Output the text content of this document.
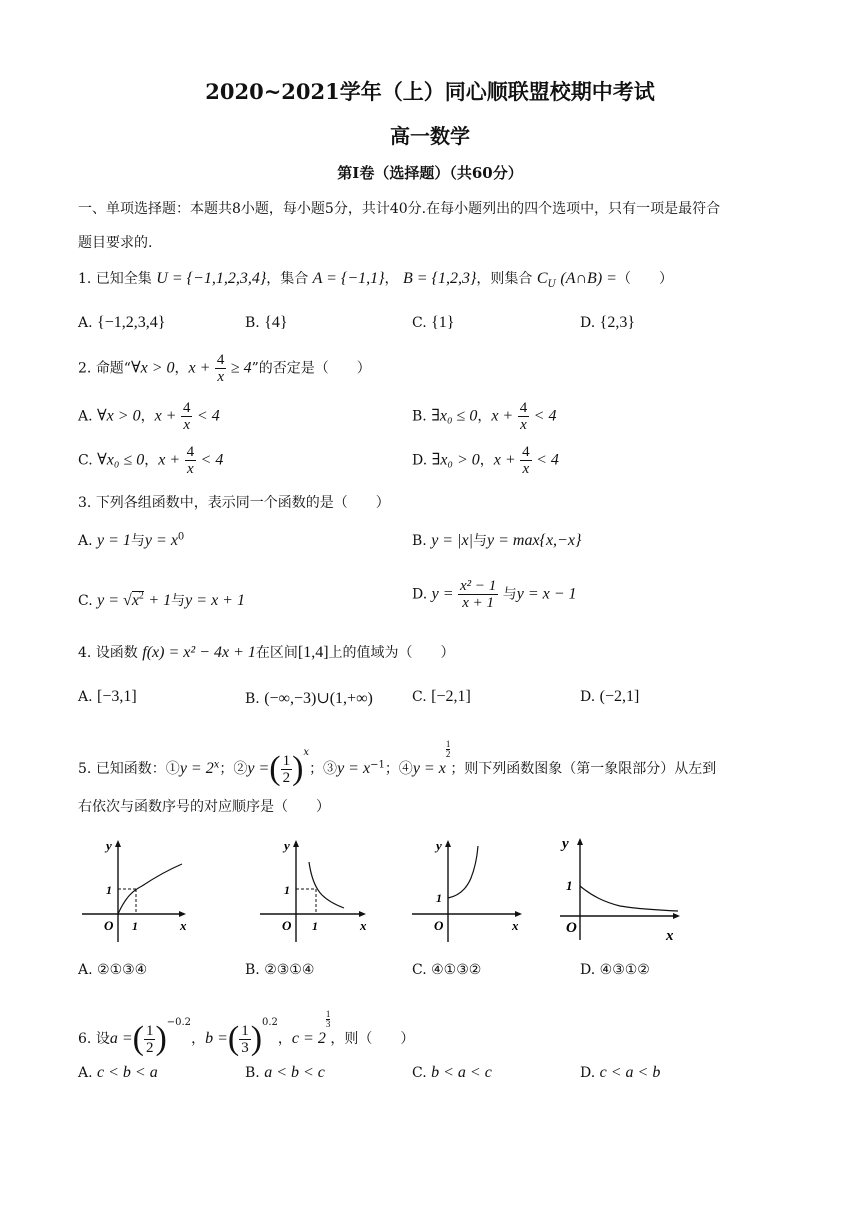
2020~2021学年（上）同心顺联盟校期中考试
高一数学
第Ⅰ卷（选择题）（共60分）
一、单项选择题：本题共8小题，每小题5分，共计40分.在每小题列出的四个选项中，只有一项是最符合
题目要求的.
1. 已知全集 U = {−1,1,2,3,4}，集合 A = {−1,1}， B = {1,2,3}，则集合 $C_U$ (A∩B) =（　　）
A. {−1,2,3,4}	B. {4}	C. {1}	D. {2,3}
2. 命题“∀x > 0，$x + \frac{4}{x} \ge 4$”的否定是（　　）
A. ∀x > 0，$x + \frac{4}{x} < 4$	B. ∃x₀ ≤ 0，$x + \frac{4}{x} < 4$
C. ∀x₀ ≤ 0，$x + \frac{4}{x} < 4$	D. ∃x₀ > 0，$x + \frac{4}{x} < 4$
3. 下列各组函数中，表示同一个函数的是（　　）
A. y = 1与$y = x^0$	B. y = |x|与y = max{x,−x}
C. $y = √x^2 + 1$与y = x + 1	D. $y = \frac{\text{x² − 1}}{x + 1}$ 与y = x − 1
4. 设函数 f(x) = x² − 4x + 1在区间[1,4]上的值域为（　　）
A. [−3,1]	B. (−∞,−3)∪(1,+∞)	C. [−2,1]	D. (−2,1]
5. 已知函数：①y = $2^x$；②y =( $\frac{1}{2} )^x$；③y = $x^{-1}$；④y = x
$\frac{1}{2}$
；则下列函数图象（第一象限部分）从左到
右依次与函数序号的对应顺序是（　　）
y
1
1
O	x
y
1
1
O	x
y
1
O	x
y
1
O	x
A. ②①③④	B. ②③①④	C. ④①③②	D. ④③①②
6. 设a =( $\frac{1}{2} )^{-0.2}$，b =( $\frac{1}{3} )^{0.2}$，c = 2
$\frac{1}{3}$
，则（　　）
A. c < b < a	B. a < b < c	C. b < a < c	D. c < a < b
